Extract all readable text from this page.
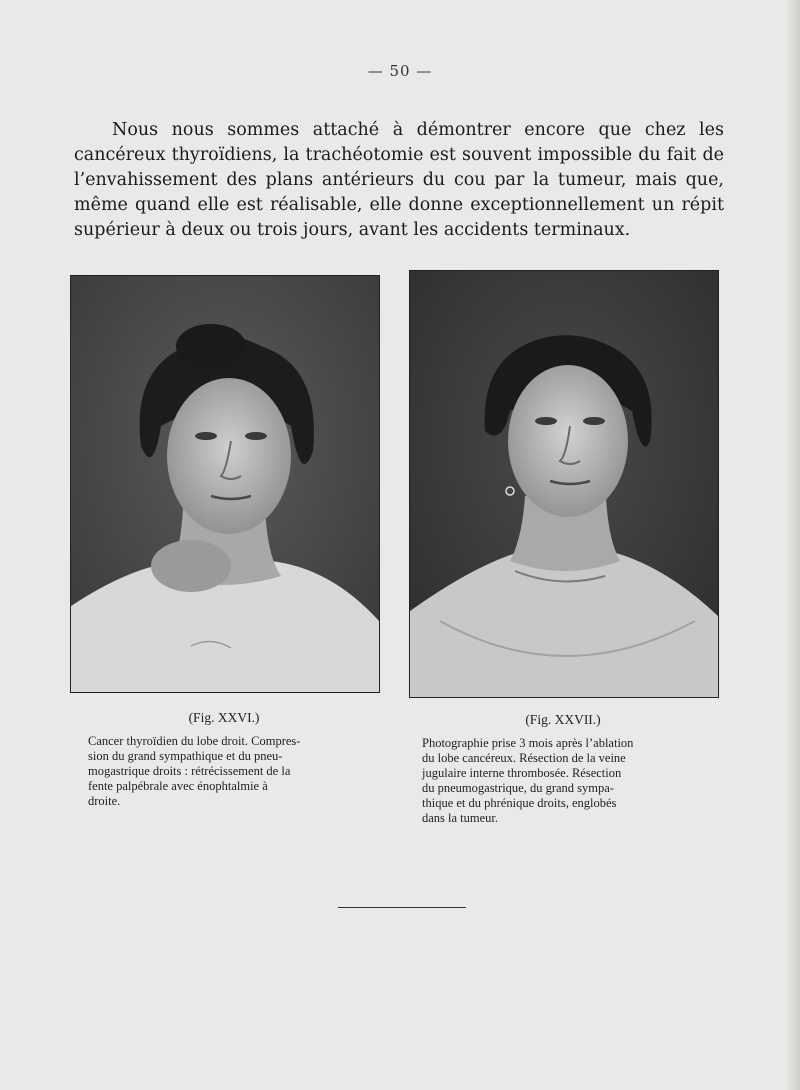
— 50 —

Nous nous sommes attaché à démontrer encore que chez les cancéreux thyroïdiens, la trachéotomie est souvent impossible du fait de l’envahissement des plans antérieurs du cou par la tumeur, mais que, même quand elle est réalisable, elle donne exceptionnellement un répit supérieur à deux ou trois jours, avant les accidents terminaux.

(Fig. XXVI.)
Cancer thyroïdien du lobe droit. Compres-
sion du grand sympathique et du pneu-
mogastrique droits : rétrécissement de la
fente palpébrale avec énophtalmie à
droite.
(Fig. XXVII.)
Photographie prise 3 mois après l’ablation
du lobe cancéreux. Résection de la veine
jugulaire interne thrombosée. Résection
du pneumogastrique, du grand sympa-
thique et du phrénique droits, englobés
dans la tumeur.
